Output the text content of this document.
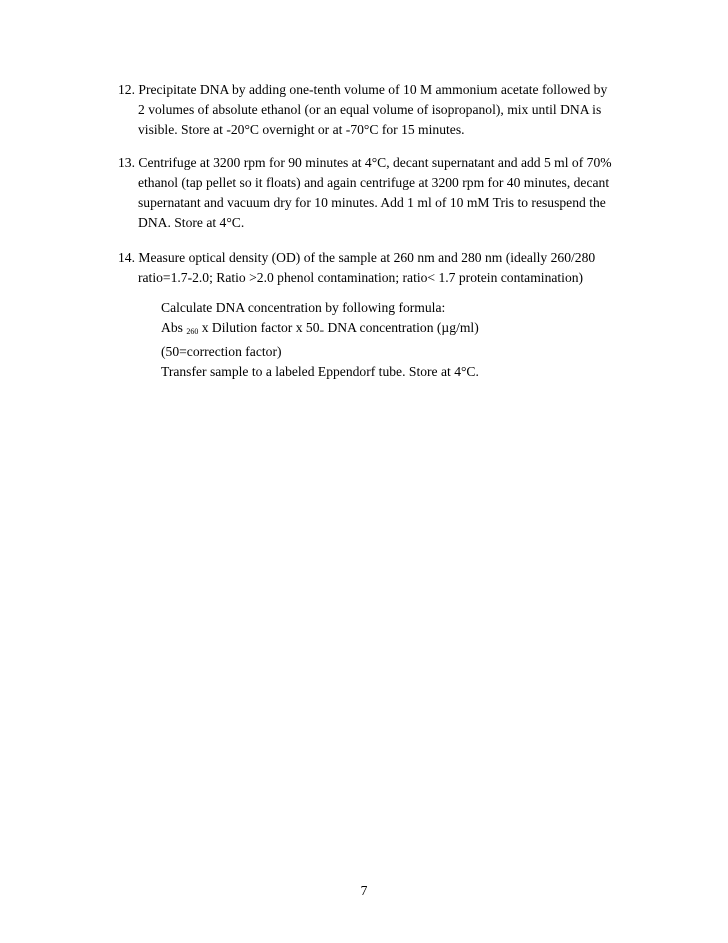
12. Precipitate DNA by adding one-tenth volume of 10 M ammonium acetate followed by
2 volumes of absolute ethanol (or an equal volume of isopropanol), mix until DNA is
visible. Store at -20°C overnight or at -70°C for 15 minutes.
13. Centrifuge at 3200 rpm for 90 minutes at 4°C, decant supernatant and add 5 ml of 70%
ethanol (tap pellet so it floats) and again centrifuge at 3200 rpm for 40 minutes, decant
supernatant and vacuum dry for 10 minutes. Add 1 ml of 10 mM Tris to resuspend the
DNA. Store at 4°C.
14. Measure optical density (OD) of the sample at 260 nm and 280 nm (ideally 260/280
ratio=1.7-2.0; Ratio >2.0 phenol contamination; ratio< 1.7 protein contamination)
Calculate DNA concentration by following formula:
Abs $_{260}$ x Dilution factor x $50_=$ DNA concentration (µg/ml)
(50=correction factor)
Transfer sample to a labeled Eppendorf tube. Store at 4°C.
7
